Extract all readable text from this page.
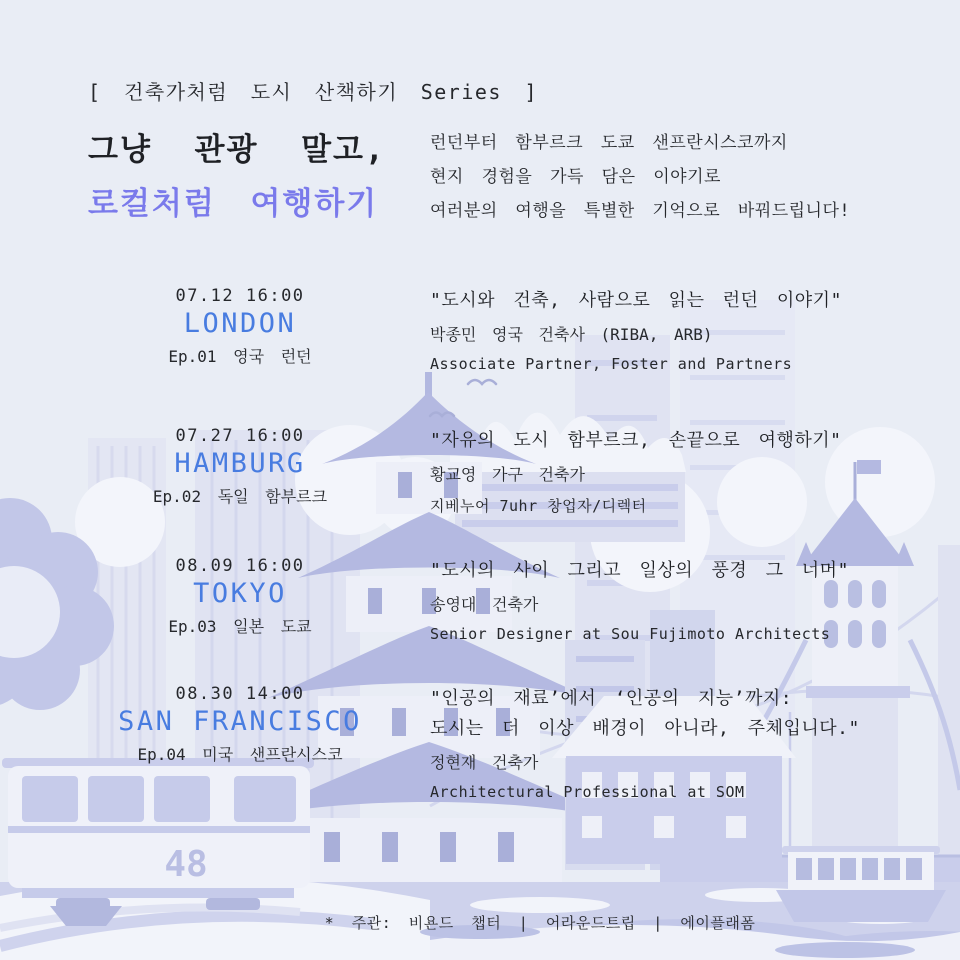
48
[ 건축가처럼 도시 산책하기 Series ]
그냥 관광 말고,
로컬처럼 여행하기
런던부터 함부르크 도쿄 샌프란시스코까지
현지 경험을 가득 담은 이야기로
여러분의 여행을 특별한 기억으로 바꿔드립니다!
07.12 16:00
LONDON
Ep.01 영국 런던
"도시와 건축, 사람으로 읽는 런던 이야기"
박종민 영국 건축사 (RIBA, ARB)
Associate Partner, Foster and Partners
07.27 16:00
HAMBURG
Ep.02 독일 함부르크
"자유의 도시 함부르크, 손끝으로 여행하기"
황교영 가구 건축가
지베누어 7uhr 창업자/디렉터
08.09 16:00
TOKYO
Ep.03 일본 도쿄
"도시의 사이 그리고 일상의 풍경 그 너머"
송영대 건축가
Senior Designer at Sou Fujimoto Architects
08.30 14:00
SAN FRANCISCO
Ep.04 미국 샌프란시스코
"인공의 재료’에서 ‘인공의 지능’까지:
도시는 더 이상 배경이 아니라, 주체입니다."
정현재 건축가
Architectural Professional at SOM
* 주관: 비욘드 챕터 | 어라운드트립 | 에이플래폼
